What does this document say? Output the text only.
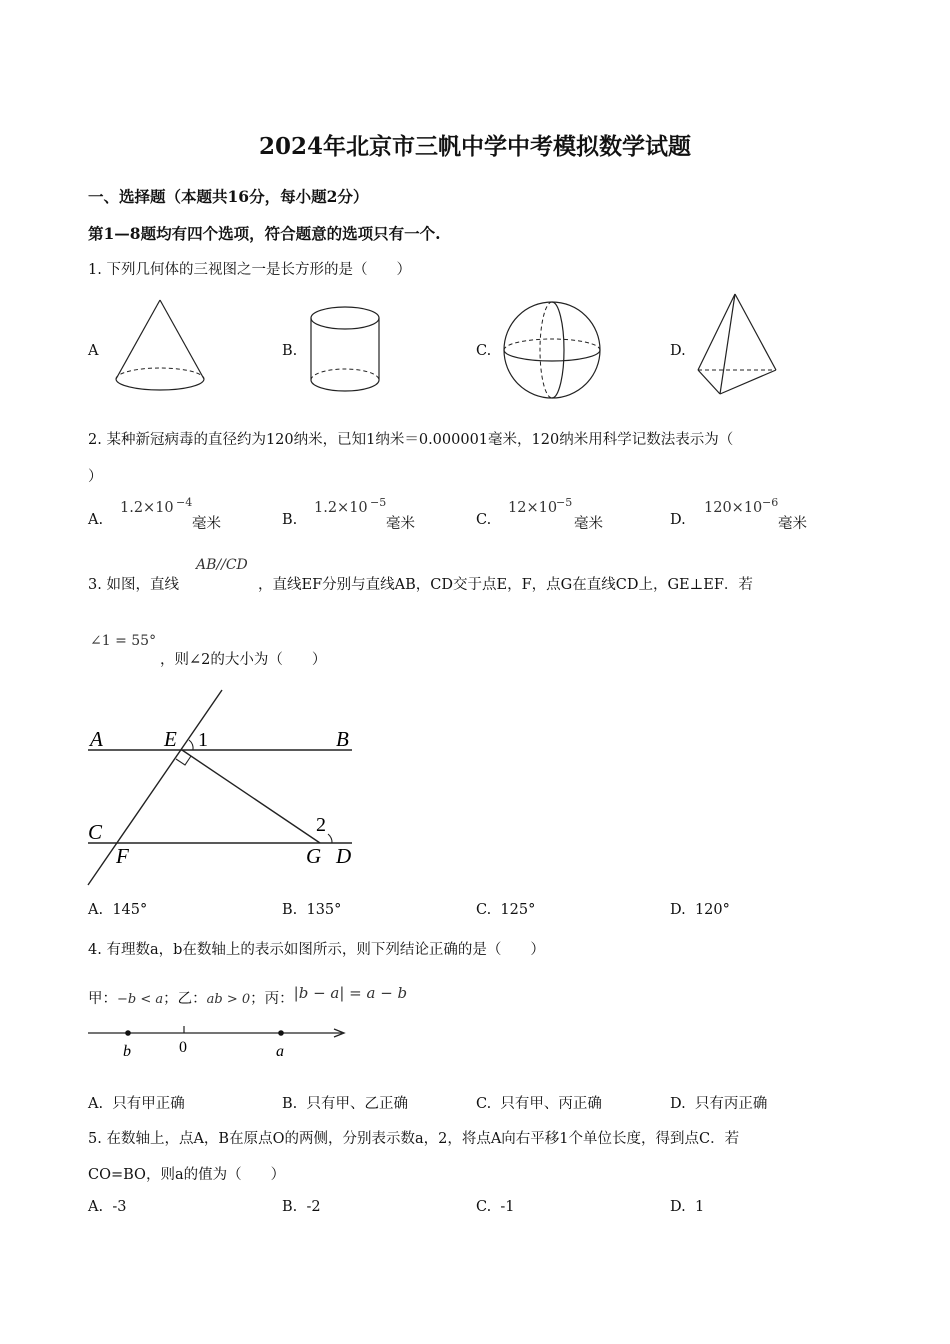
2024年北京市三帆中学中考模拟数学试题
一、选择题（本题共16分，每小题2分）
第1—8题均有四个选项，符合题意的选项只有一个.
1. 下列几何体的三视图之一是长方形的是（　　）
A	B.	C.	D.
2. 某种新冠病毒的直径约为120纳米，已知1纳米＝0.000001毫米，120纳米用科学记数法表示为（
）
A.
1.2×10 −4
毫米	B.
1.2×10 −5
毫米	C.
12×10
−5
毫米	D.
120×10 −6
毫米
3. 如图，直线
AB//CD
，直线EF分别与直线AB，CD交于点E，F，点G在直线CD上，GE⊥EF．若
∠1 = 55°
，则∠2的大小为（　　）
A	E 1	B
C
F
2
G D
A. 145°	B. 135°	C. 125°	D. 120°
4. 有理数a，b在数轴上的表示如图所示，则下列结论正确的是（　　）
甲：−b < a；乙：ab > 0；丙：|b − a| = a − b
b	0	a
A. 只有甲正确	B. 只有甲、乙正确	C. 只有甲、丙正确	D. 只有丙正确
5. 在数轴上，点A，B在原点O的两侧，分别表示数a，2，将点A向右平移1个单位长度，得到点C．若
CO=BO，则a的值为（　　）
A. -3	B. -2	C. -1	D. 1
